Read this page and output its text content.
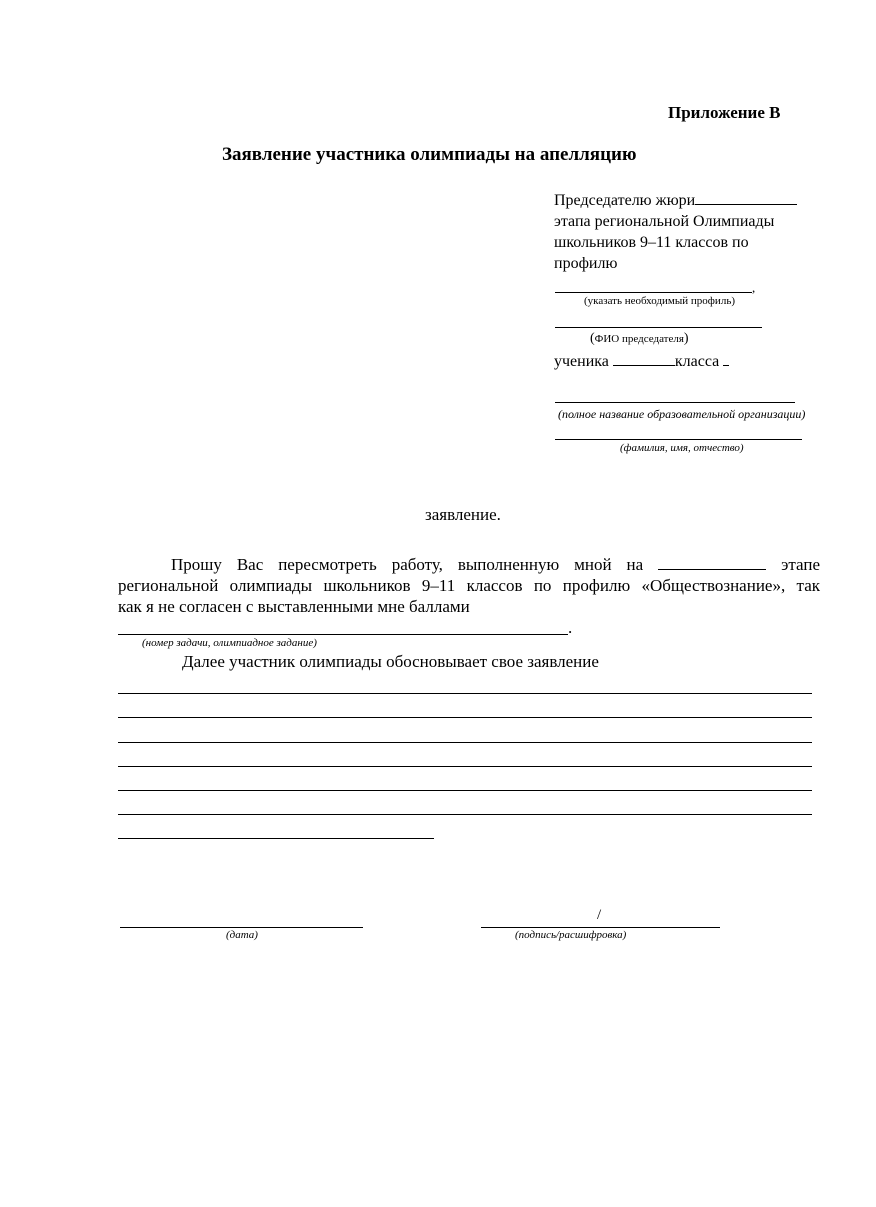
Приложение В
Заявление участника олимпиады на апелляцию
Председателю жюри
этапа региональной Олимпиады
школьников 9–11 классов по
профилю
,
(указать необходимый профиль)
(ФИО председателя)
ученика	класса
(полное название образовательной организации)
(фамилия, имя, отчество)
заявление.
Прошу Вас пересмотреть работу, выполненную мной на	этапе
региональной олимпиады школьников 9–11 классов по профилю «Обществознание», так
как я не согласен с выставленными мне баллами
.
(номер задачи, олимпиадное задание)
Далее участник олимпиады обосновывает свое заявление
(дата)
/
(подпись/расшифровка)
